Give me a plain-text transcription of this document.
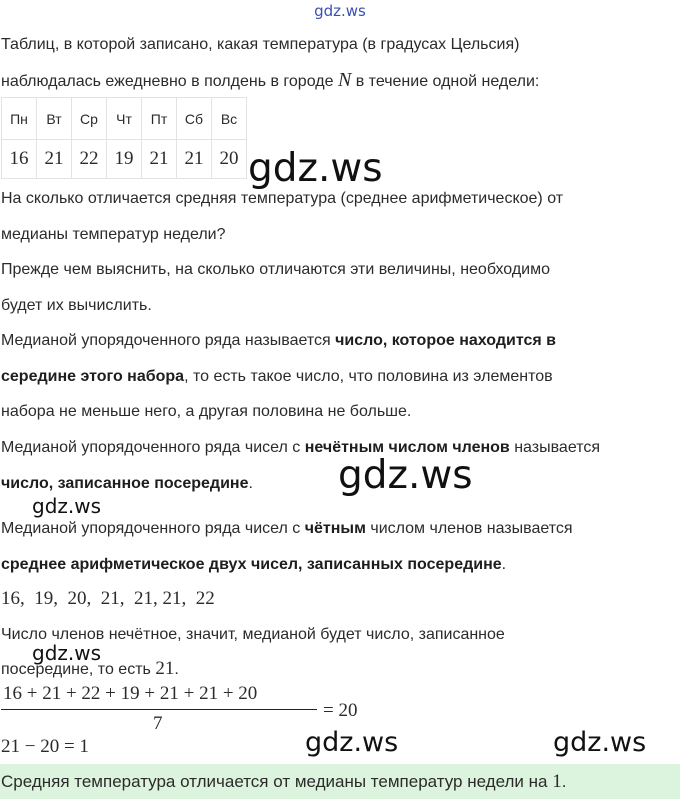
gdz.ws
Таблиц, в которой записано, какая температура (в градусах Цельсия)
наблюдалась ежедневно в полдень в городе N в течение одной недели:
Пн	Вт	Ср	Чт	Пт	Сб	Вс
16	21	22	19	21	21	20
На сколько отличается средняя температура (среднее арифметическое) от
медианы температур недели?
Прежде чем выяснить, на сколько отличаются эти величины, необходимо
будет их вычислить.
Медианой упорядоченного ряда называется число, которое находится в
середине этого набора, то есть такое число, что половина из элементов
набора не меньше него, а другая половина не больше.
Медианой упорядоченного ряда чисел с нечётным числом членов называется
число, записанное посередине.
Медианой упорядоченного ряда чисел с чётным числом членов называется
среднее арифметическое двух чисел, записанных посередине.
16,  19,  20,  21,  21, 21,  22
Число членов нечётное, значит, медианой будет число, записанное
посередине, то есть 21.
16 + 21 + 22 + 19 + 21 + 21 + 20
7
= 20
21 − 20 = 1
Средняя температура отличается от медианы температур недели на 1.
gdz.ws
gdz.ws
gdz.ws
gdz.ws
gdz.ws	gdz.ws
